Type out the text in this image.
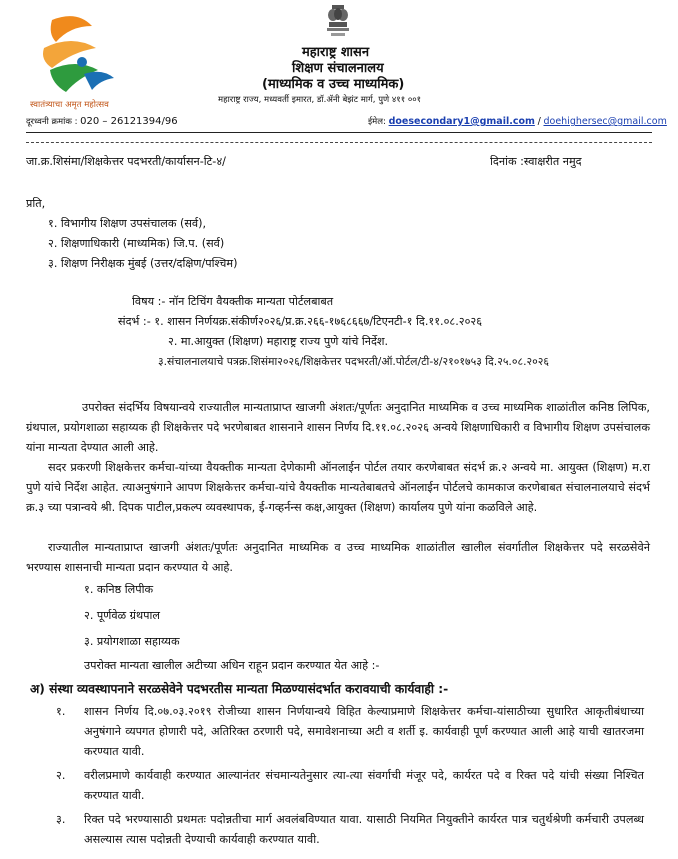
स्वातंत्र्याचा अमृत महोत्सव
महाराष्ट्र शासन
शिक्षण संचालनालय
(माध्यमिक व उच्च माध्यमिक)
महाराष्ट्र राज्य, मध्यवर्ती इमारत, डॉ.ॲनी बेझंट मार्ग, पुणे ४११ ००१
दूरध्वनी क्रमांक : 020 – 26121394/96	ईमेल: doesecondary1@gmail.com / doehighersec@gmail.com
जा.क्र.शिसंमा/शिक्षकेत्तर पदभरती/कार्यासन-टि-४/	दिनांक :स्वाक्षरीत नमुद
प्रति,
१. विभागीय शिक्षण उपसंचालक (सर्व),
२. शिक्षणाधिकारी (माध्यमिक) जि.प. (सर्व)
३. शिक्षण निरीक्षक मुंबई (उत्तर/दक्षिण/पश्चिम)
विषय :- नॉन टिचिंग वैयक्तीक मान्यता पोर्टलबाबत
संदर्भ :- १. शासन निर्णयक्र.संकीर्ण२०२६/प्र.क्र.२६६-१७६८६६७/टिएनटी-१ दि.११.०८.२०२६
२. मा.आयुक्त (शिक्षण) महाराष्ट्र राज्य पुणे यांचे निर्देश.
३.संचालनालयाचे पत्रक्र.शिसंमा२०२६/शिक्षकेत्तर पदभरती/ऑ.पोर्टल/टी-४/२१०१७५३ दि.२५.०८.२०२६
उपरोक्त संदर्भिय विषयान्वये राज्यातील मान्यताप्राप्त खाजगी अंशतः/पूर्णतः अनुदानित माध्यमिक व उच्च माध्यमिक शाळांतील कनिष्ठ लिपिक, ग्रंथपाल, प्रयोगशाळा सहाय्यक ही शिक्षकेत्तर पदे भरणेबाबत शासनाने शासन निर्णय दि.११.०८.२०२६ अन्वये शिक्षणाधिकारी व विभागीय शिक्षण उपसंचालक यांना मान्यता देण्यात आली आहे.
सदर प्रकरणी शिक्षकेत्तर कर्मचा-यांच्या वैयक्तीक मान्यता देणेकामी ऑनलाईन पोर्टल तयार करणेबाबत संदर्भ क्र.२ अन्वये मा. आयुक्त (शिक्षण) म.रा पुणे यांचे निर्देश आहेत. त्याअनुषंगाने आपण शिक्षकेत्तर कर्मचा-यांचे वैयक्तीक मान्यतेबाबतचे ऑनलाईन पोर्टलचे कामकाज करणेबाबत संचालनालयाचे संदर्भ क्र.३ च्या पत्रान्वये श्री. दिपक पाटील,प्रकल्प व्यवस्थापक, ई-गव्हर्नन्स कक्ष,आयुक्त (शिक्षण) कार्यालय पुणे यांना कळविले आहे.
राज्यातील मान्यताप्राप्त खाजगी अंशतः/पूर्णतः अनुदानित माध्यमिक व उच्च माध्यमिक शाळांतील खालील संवर्गातील शिक्षकेत्तर पदे सरळसेवेने भरण्यास शासनाची मान्यता प्रदान करण्यात ये आहे.
१. कनिष्ठ लिपीक
२. पूर्णवेळ ग्रंथपाल
३. प्रयोगशाळा सहाय्यक
उपरोक्त मान्यता खालील अटीच्या अधिन राहून प्रदान करण्यात येत आहे :-
अ) संस्था व्यवस्थापनाने सरळसेवेने पदभरतीस मान्यता मिळण्यासंदर्भात करावयाची कार्यवाही :-
१. शासन निर्णय दि.०७.०३.२०१९ रोजीच्या शासन निर्णयान्वये विहित केल्याप्रमाणे शिक्षकेत्तर कर्मचा-यांसाठीच्या सुधारित आकृतीबंधाच्या अनुषंगाने व्यपगत होणारी पदे, अतिरिक्त ठरणारी पदे, समावेशनाच्या अटी व शर्ती इ. कार्यवाही पूर्ण करण्यात आली आहे याची खातरजमा करण्यात यावी.
२. वरीलप्रमाणे कार्यवाही करण्यात आल्यानंतर संचमान्यतेनुसार त्या-त्या संवर्गाची मंजूर पदे, कार्यरत पदे व रिक्त पदे यांची संख्या निश्चित करण्यात यावी.
३. रिक्त पदे भरण्यासाठी प्रथमतः पदोन्नतीचा मार्ग अवलंबविण्यात यावा. यासाठी नियमित नियुक्तीने कार्यरत पात्र चतुर्थश्रेणी कर्मचारी उपलब्ध असल्यास त्यास पदोन्नती देण्याची कार्यवाही करण्यात यावी.
